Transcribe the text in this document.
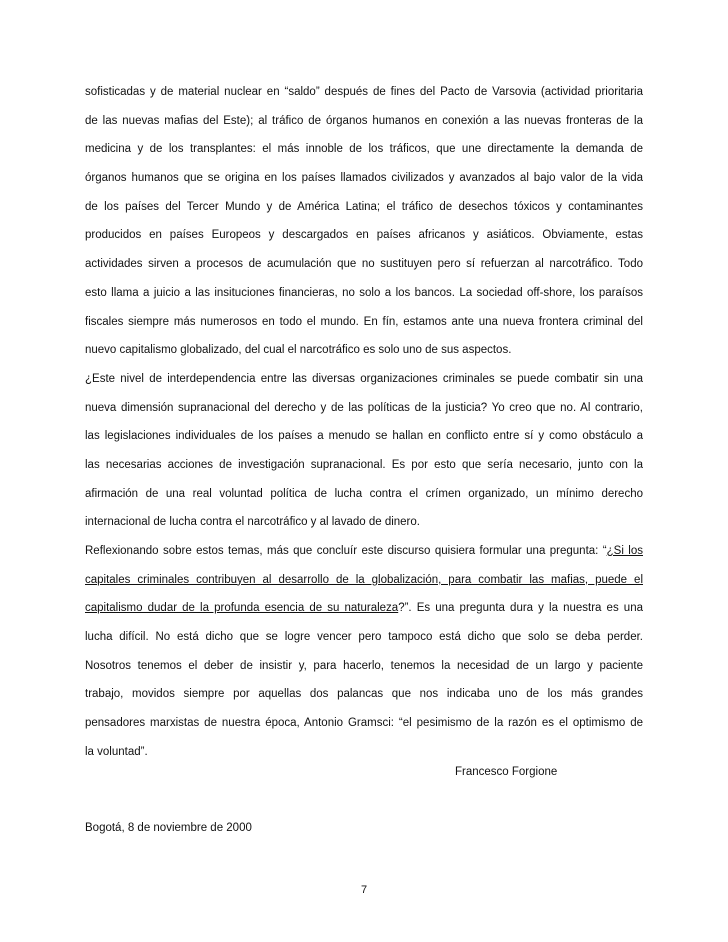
sofisticadas y de material nuclear en “saldo” después de fines del Pacto de Varsovia (actividad prioritaria
de las nuevas mafias del Este); al tráfico de órganos humanos en conexión a las nuevas fronteras de la
medicina y de los transplantes: el más innoble de los tráficos, que une directamente la demanda de
órganos humanos que se origina en los países llamados civilizados y avanzados al bajo valor de la vida
de los países del Tercer Mundo y de América Latina; el tráfico de desechos tóxicos y contaminantes
producidos en países Europeos y descargados en países africanos y asiáticos. Obviamente, estas
actividades sirven a procesos de acumulación que no sustituyen pero sí refuerzan al narcotráfico. Todo
esto llama a juicio a las insituciones financieras, no solo a los bancos. La sociedad off-shore, los paraísos
fiscales siempre más numerosos en todo el mundo. En fín, estamos ante una nueva frontera criminal del
nuevo capitalismo globalizado, del cual el narcotráfico es solo uno de sus aspectos.
¿Este nivel de interdependencia entre las diversas organizaciones criminales se puede combatir sin una
nueva dimensión supranacional del derecho y de las políticas de la justicia? Yo creo que no. Al contrario,
las legislaciones individuales de los países a menudo se hallan en conflicto entre sí y como obstáculo a
las necesarias acciones de investigación supranacional. Es por esto que sería necesario, junto con la
afirmación de una real voluntad política de lucha contra el crímen organizado, un mínimo derecho
internacional de lucha contra el narcotráfico y al lavado de dinero.
Reflexionando sobre estos temas, más que concluír este discurso quisiera formular una pregunta: “¿Si los
capitales criminales contribuyen al desarrollo de la globalización, para combatir las mafias, puede el
capitalismo dudar de la profunda esencia de su naturaleza?”. Es una pregunta dura y la nuestra es una
lucha difícil. No está dicho que se logre vencer pero tampoco está dicho que solo se deba perder.
Nosotros tenemos el deber de insistir y, para hacerlo, tenemos la necesidad de un largo y paciente
trabajo, movidos siempre por aquellas dos palancas que nos indicaba uno de los más grandes
pensadores marxistas de nuestra época, Antonio Gramsci: “el pesimismo de la razón es el optimismo de
la voluntad”.
Francesco Forgione
Bogotá, 8 de noviembre de 2000
7
